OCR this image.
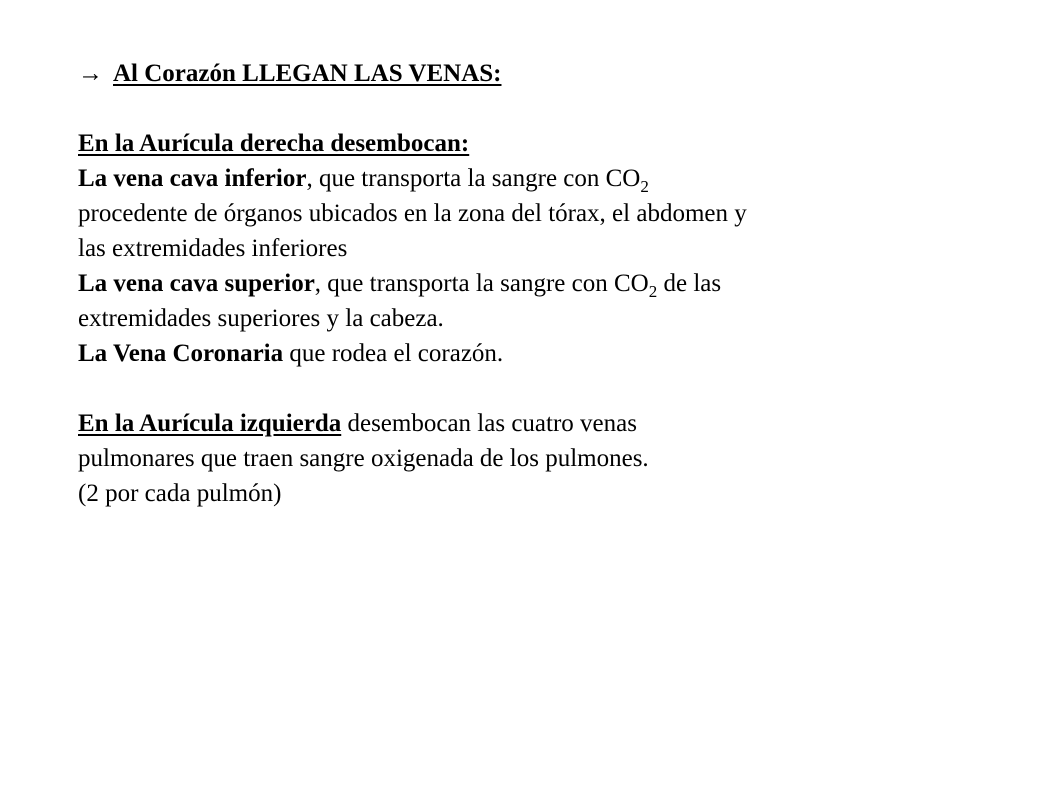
→ Al Corazón LLEGAN LAS VENAS:
En la Aurícula derecha desembocan:
La vena cava inferior, que transporta la sangre con $CO_2$
procedente de órganos ubicados en la zona del tórax, el abdomen y
las extremidades inferiores
La vena cava superior, que transporta la sangre con $CO_2$ de las
extremidades superiores y la cabeza.
La Vena Coronaria que rodea el corazón.
En la Aurícula izquierda desembocan las cuatro venas
pulmonares que traen sangre oxigenada de los pulmones.
(2 por cada pulmón)
